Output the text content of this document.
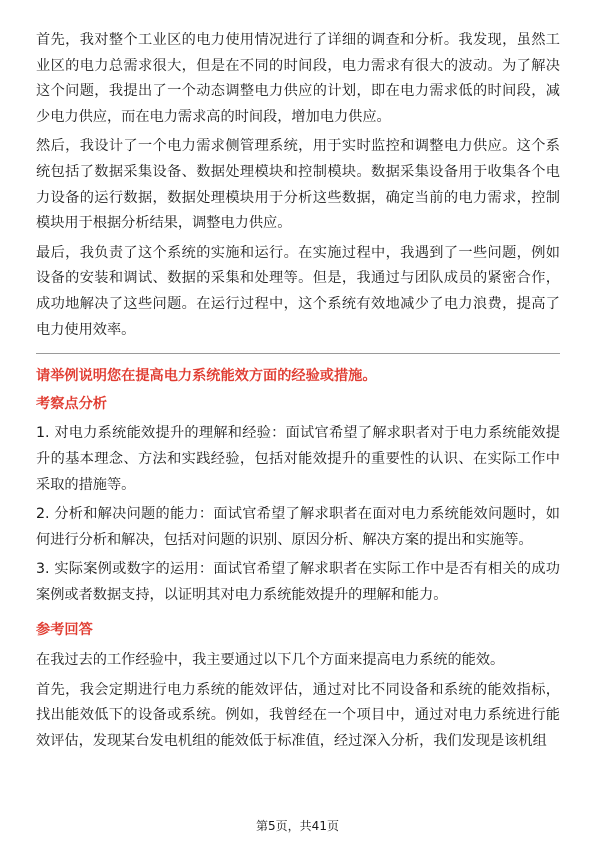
首先，我对整个工业区的电力使用情况进行了详细的调查和分析。我发现，虽然工业区的电力总需求很大，但是在不同的时间段，电力需求有很大的波动。为了解决这个问题，我提出了一个动态调整电力供应的计划，即在电力需求低的时间段，减少电力供应，而在电力需求高的时间段，增加电力供应。

然后，我设计了一个电力需求侧管理系统，用于实时监控和调整电力供应。这个系统包括了数据采集设备、数据处理模块和控制模块。数据采集设备用于收集各个电力设备的运行数据，数据处理模块用于分析这些数据，确定当前的电力需求，控制模块用于根据分析结果，调整电力供应。

最后，我负责了这个系统的实施和运行。在实施过程中，我遇到了一些问题，例如设备的安装和调试、数据的采集和处理等。但是，我通过与团队成员的紧密合作，成功地解决了这些问题。在运行过程中，这个系统有效地减少了电力浪费，提高了电力使用效率。

请举例说明您在提高电力系统能效方面的经验或措施。
考察点分析

1. 对电力系统能效提升的理解和经验：面试官希望了解求职者对于电力系统能效提升的基本理念、方法和实践经验，包括对能效提升的重要性的认识、在实际工作中采取的措施等。

2. 分析和解决问题的能力：面试官希望了解求职者在面对电力系统能效问题时，如何进行分析和解决，包括对问题的识别、原因分析、解决方案的提出和实施等。

3. 实际案例或数字的运用：面试官希望了解求职者在实际工作中是否有相关的成功案例或者数据支持，以证明其对电力系统能效提升的理解和能力。

参考回答

在我过去的工作经验中，我主要通过以下几个方面来提高电力系统的能效。

首先，我会定期进行电力系统的能效评估，通过对比不同设备和系统的能效指标，找出能效低下的设备或系统。例如，我曾经在一个项目中，通过对电力系统进行能效评估，发现某台发电机组的能效低于标准值，经过深入分析，我们发现是该机组

第5页，共41页
